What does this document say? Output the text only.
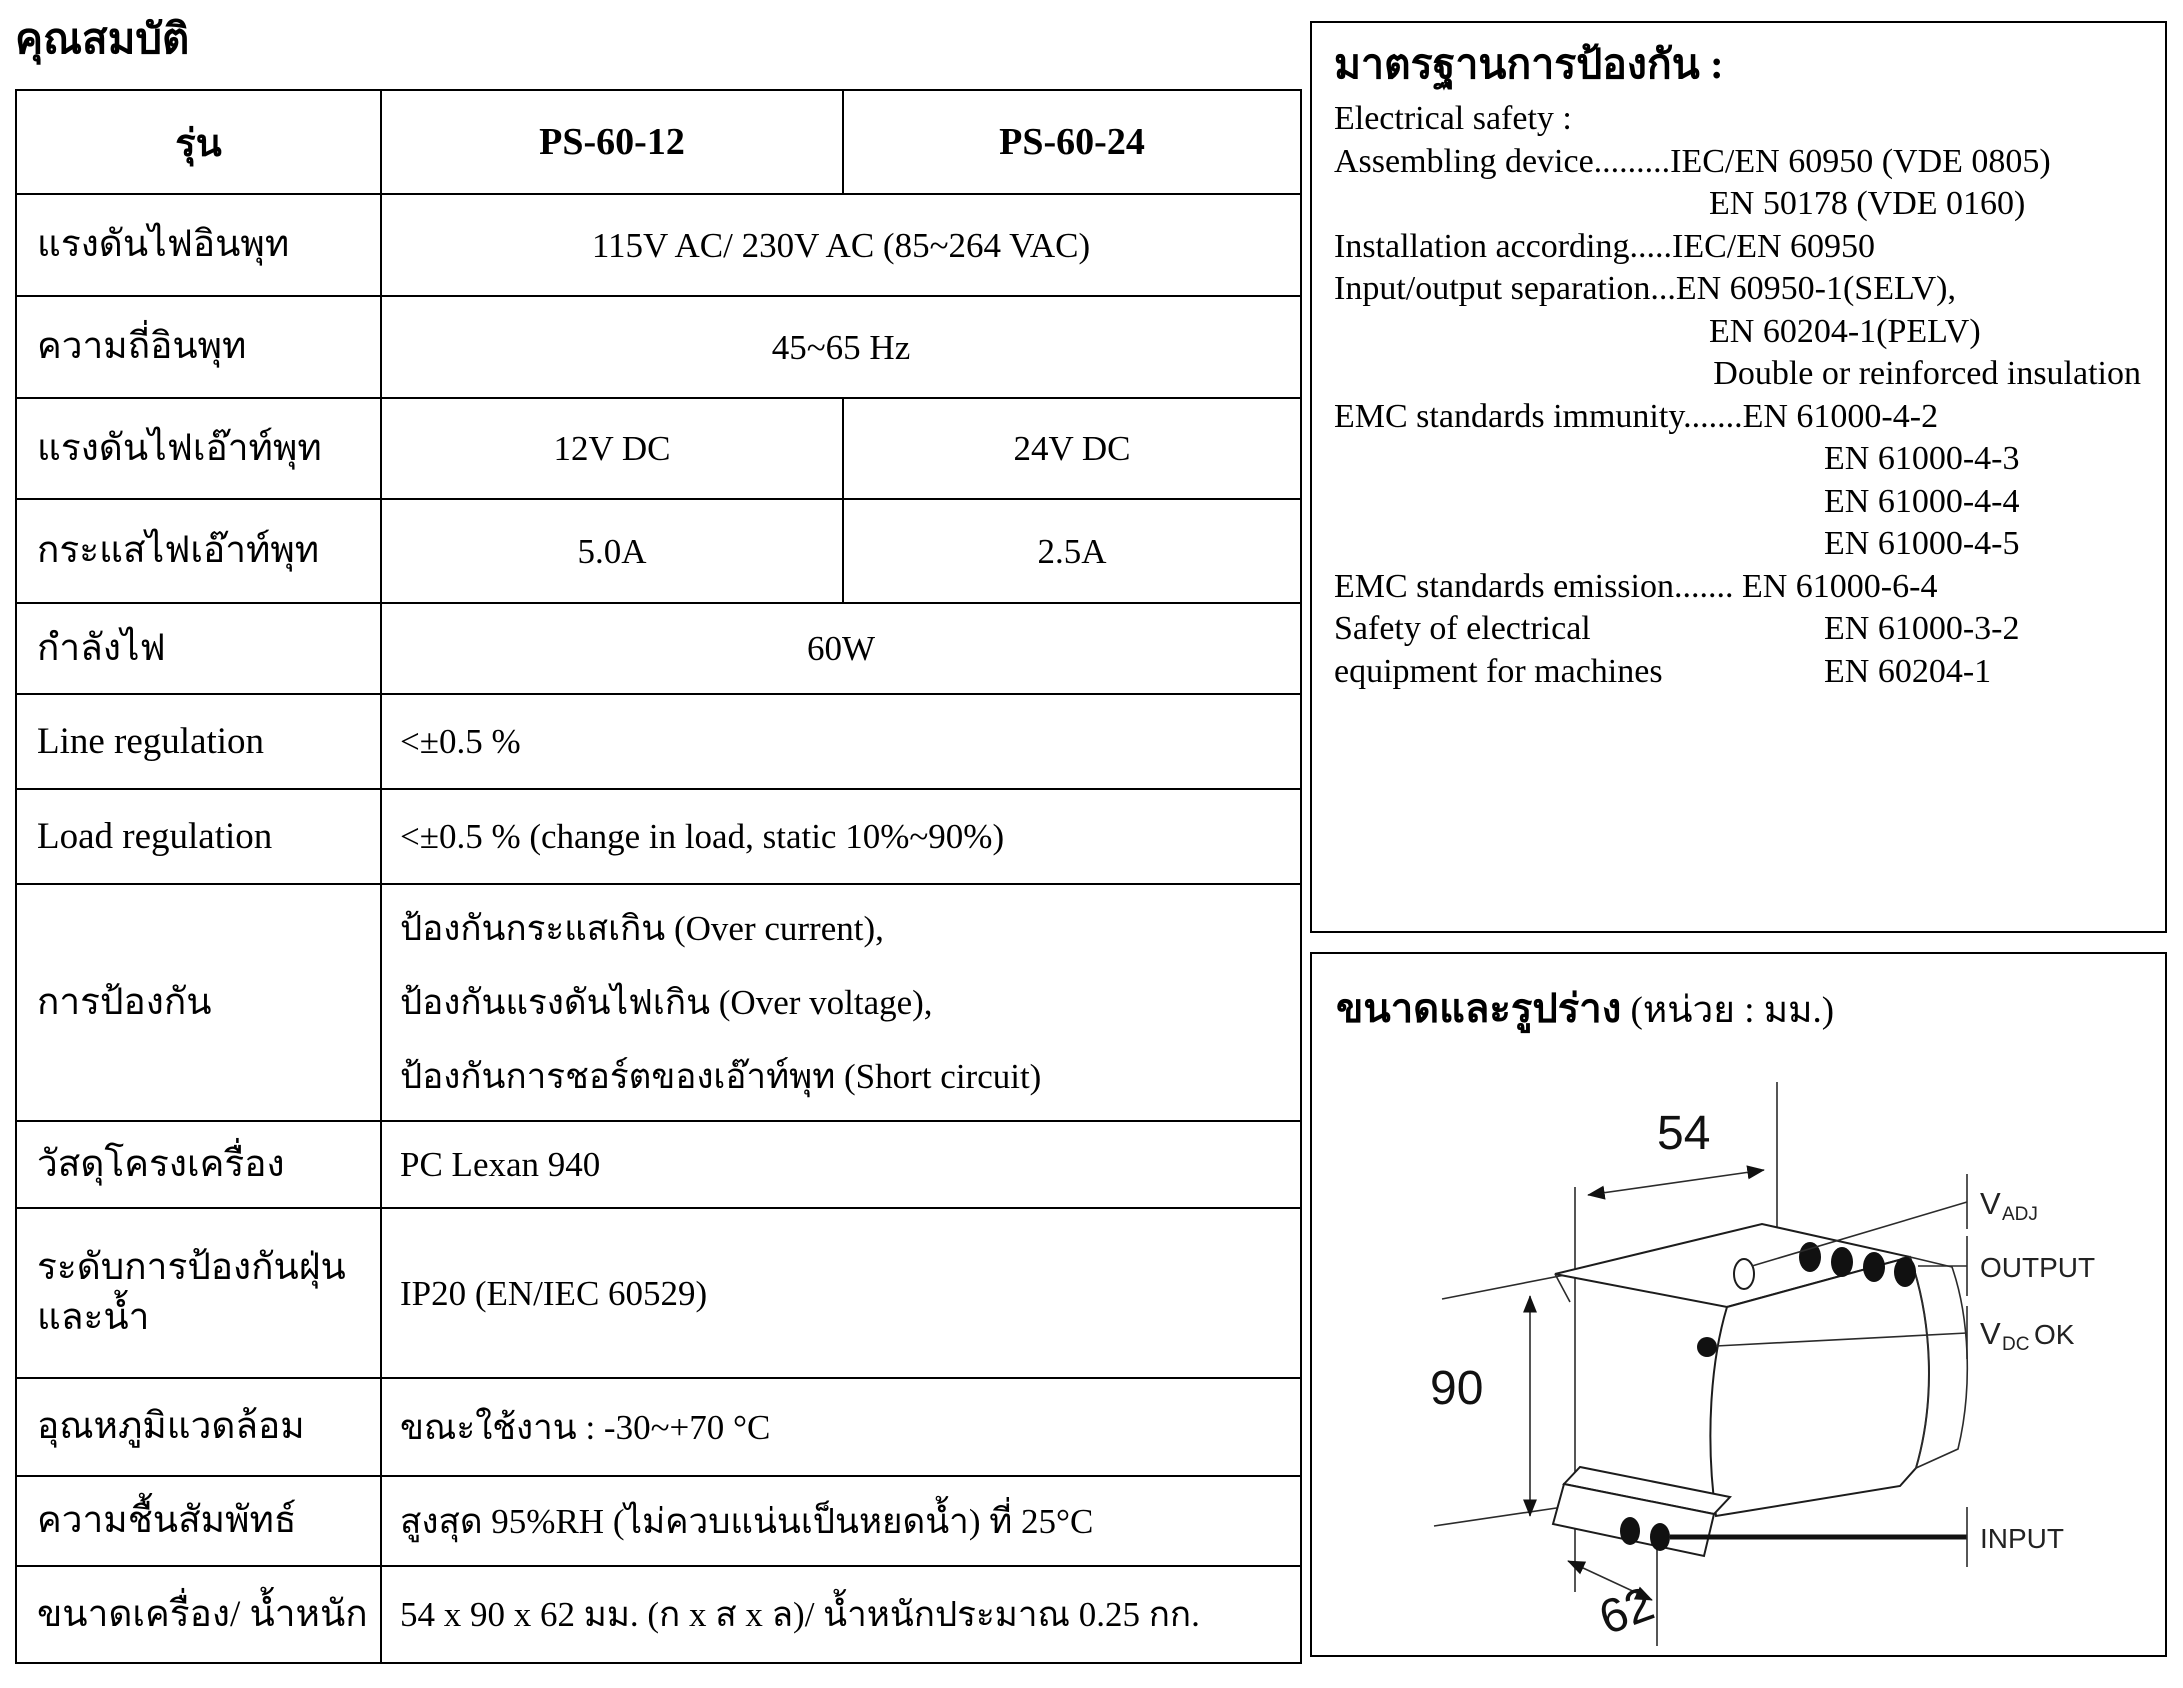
คุณสมบัติ
รุ่น	PS-60-12	PS-60-24
แรงดันไฟอินพุท	115V AC/ 230V AC (85~264 VAC)	
ความถี่อินพุท	45~65 Hz	
แรงดันไฟเอ๊าท์พุท	12V DC	24V DC
กระแสไฟเอ๊าท์พุท	5.0A	2.5A
กำลังไฟ	60W	
Line regulation	<±0.5 %	
Load regulation	<±0.5 % (change in load, static 10%~90%)	
การป้องกัน	ป้องกันกระแสเกิน (Over current),
ป้องกันแรงดันไฟเกิน (Over voltage),
ป้องกันการชอร์ตของเอ๊าท์พุท (Short circuit)	

วัสดุโครงเครื่อง	PC Lexan 940	

ระดับการป้องกันฝุ่น
และน้ำ	IP20 (EN/IEC 60529)	
อุณหภูมิแวดล้อม	ขณะใช้งาน : -30~+70 °C	
ความชื้นสัมพัทธ์	สูงสุด 95%RH (ไม่ควบแน่นเป็นหยดน้ำ) ที่ 25°C	
ขนาดเครื่อง/ น้ำหนัก	54 x 90 x 62 มม. (ก x ส x ล)/ น้ำหนักประมาณ 0.25 กก.	
มาตรฐานการป้องกัน :
Electrical safety :
Assembling device.........IEC/EN 60950 (VDE 0805)
EN 50178 (VDE 0160)
Installation according.....IEC/EN 60950
Input/output separation...EN 60950-1(SELV),
EN 60204-1(PELV)
Double or reinforced insulation
EMC standards immunity.......EN 61000-4-2
EN 61000-4-3
EN 61000-4-4
EN 61000-4-5
EMC standards emission....... EN 61000-6-4
Safety of electrical	EN 61000-3-2
equipment for machines	EN 60204-1
ขนาดและรูปร่าง (หน่วย : มม.)
54
90
62
V ADJ
OUTPUT
V DC OK
INPUT
